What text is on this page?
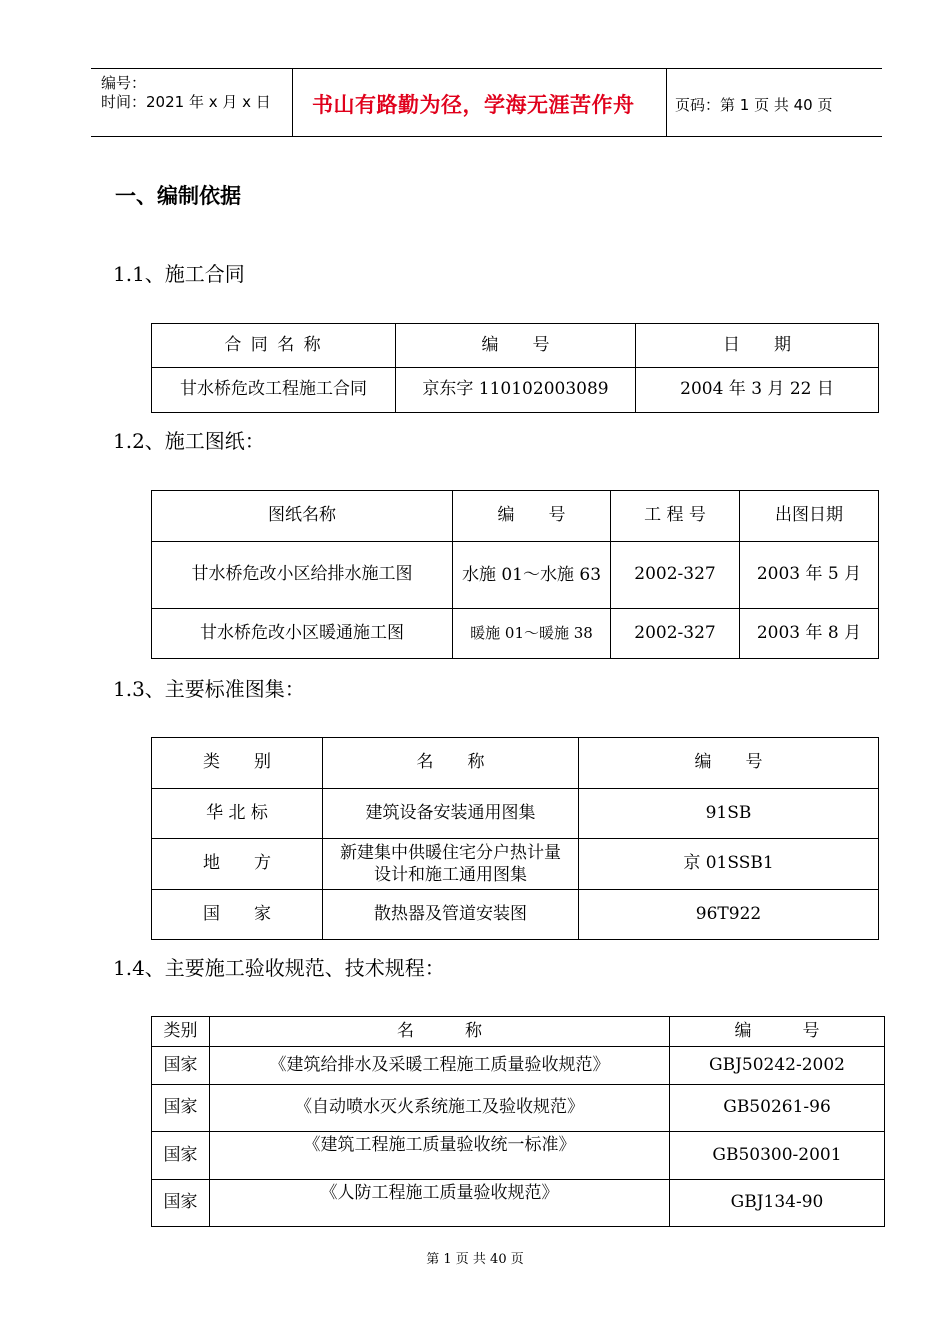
编号：
时间：2021 年 x 月 x 日 书山有路勤为径，学海无涯苦作舟	页码：第 1 页 共 40 页
一、编制依据
1.1、施工合同
合 同 名 称	编　　号	日　　期
甘水桥危改工程施工合同	京东字 110102003089	2004 年 3 月 22 日
1.2、施工图纸：
图纸名称	编　　号	工 程 号	出图日期
甘水桥危改小区给排水施工图	水施 01～水施 63	2002-327	2003 年 5 月
甘水桥危改小区暖通施工图	暖施 01～暖施 38	2002-327	2003 年 8 月
1.3、主要标准图集：
类　　别	名　　称	编　　号
华 北 标	建筑设备安装通用图集	91SB
地　　方	新建集中供暖住宅分户热计量设计和施工通用图集	京 01SSB1
国　　家	散热器及管道安装图	96T922
1.4、主要施工验收规范、技术规程：
类别	名　　　称	编　　　号
国家	《建筑给排水及采暖工程施工质量验收规范》	GBJ50242-2002
国家	《自动喷水灭火系统施工及验收规范》	GB50261-96
国家	《建筑工程施工质量验收统一标准》	GB50300-2001
国家	《人防工程施工质量验收规范》	GBJ134-90
第 1 页 共 40 页
